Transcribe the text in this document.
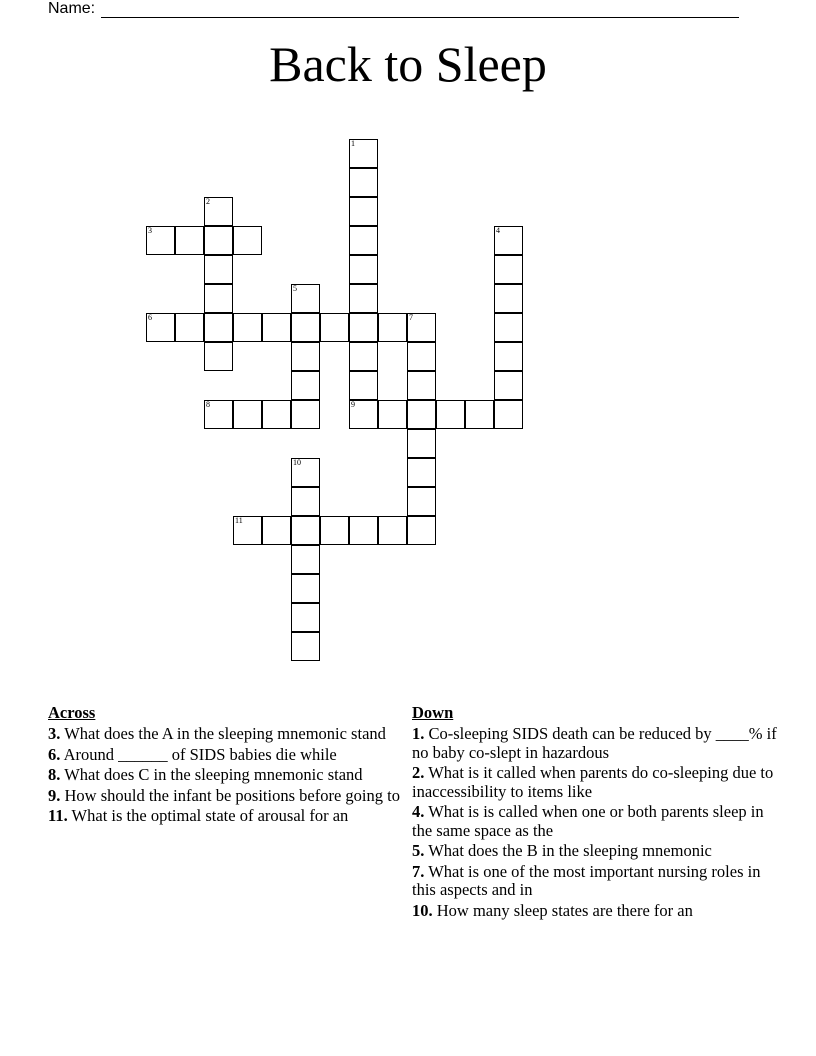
Name:
Back to Sleep
1
9
2
3	4
5
6	7
8
10
11
Across
3. What does the A in the sleeping mnemonic stand
6. Around ______ of SIDS babies die while
8. What does C in the sleeping mnemonic stand
9. How should the infant be positions before going to
11. What is the optimal state of arousal for an
Down
1. Co-sleeping SIDS death can be reduced by ____% if no baby co-slept in hazardous
2. What is it called when parents do co-sleeping due to inaccessibility to items like
4. What is is called when one or both parents sleep in the same space as the
5. What does the B in the sleeping mnemonic
7. What is one of the most important nursing roles in this aspects and in
10. How many sleep states are there for an
